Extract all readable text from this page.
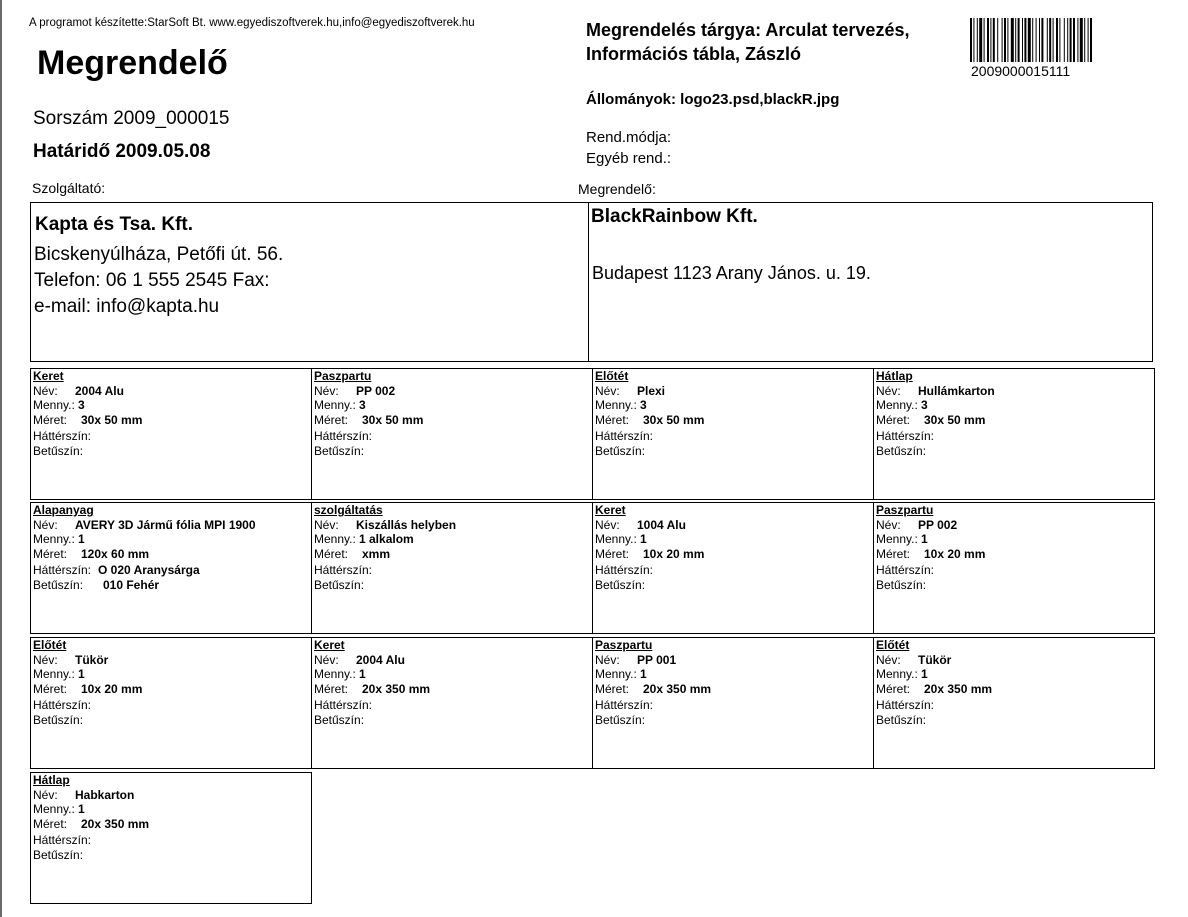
A programot készítette:StarSoft Bt. www.egyediszoftverek.hu,info@egyediszoftverek.hu
Megrendelő
Sorszám 2009_000015
Határidő 2009.05.08
Megrendelés tárgya: Arculat tervezés,
Információs tábla, Zászló
Állományok: logo23.psd,blackR.jpg
Rend.módja:
Egyéb rend.:
2009000015111
Szolgáltató:	Megrendelő:
Kapta és Tsa. Kft.
Bicskenyúlháza, Petőfi út. 56.
Telefon: 06 1 555 2545 Fax:
e-mail: info@kapta.hu
BlackRainbow Kft.
Budapest 1123 Arany János. u. 19.
Keret
Név:	2004 Alu
Menny.: 3
Méret:	30x 50 mm
Háttérszín:
Betűszín:
Paszpartu
Név:	PP 002
Menny.: 3
Méret:	30x 50 mm
Háttérszín:
Betűszín:
Előtét
Név:	Plexi
Menny.: 3
Méret:	30x 50 mm
Háttérszín:
Betűszín:
Hátlap
Név:	Hullámkarton
Menny.: 3
Méret:	30x 50 mm
Háttérszín:
Betűszín:
Alapanyag
Név:	AVERY 3D Jármű fólia MPI 1900
Menny.: 1
Méret:	120x 60 mm
Háttérszín: O 020 Aranysárga
Betűszín:	010 Fehér
szolgáltatás
Név:	Kiszállás helyben
Menny.: 1 alkalom
Méret:	xmm
Háttérszín:
Betűszín:
Keret
Név:	1004 Alu
Menny.: 1
Méret:	10x 20 mm
Háttérszín:
Betűszín:
Paszpartu
Név:	PP 002
Menny.: 1
Méret:	10x 20 mm
Háttérszín:
Betűszín:
Előtét
Név:	Tükör
Menny.: 1
Méret:	10x 20 mm
Háttérszín:
Betűszín:
Keret
Név:	2004 Alu
Menny.: 1
Méret:	20x 350 mm
Háttérszín:
Betűszín:
Paszpartu
Név:	PP 001
Menny.: 1
Méret:	20x 350 mm
Háttérszín:
Betűszín:
Előtét
Név:	Tükör
Menny.: 1
Méret:	20x 350 mm
Háttérszín:
Betűszín:
Hátlap
Név:	Habkarton
Menny.: 1
Méret:	20x 350 mm
Háttérszín:
Betűszín:
